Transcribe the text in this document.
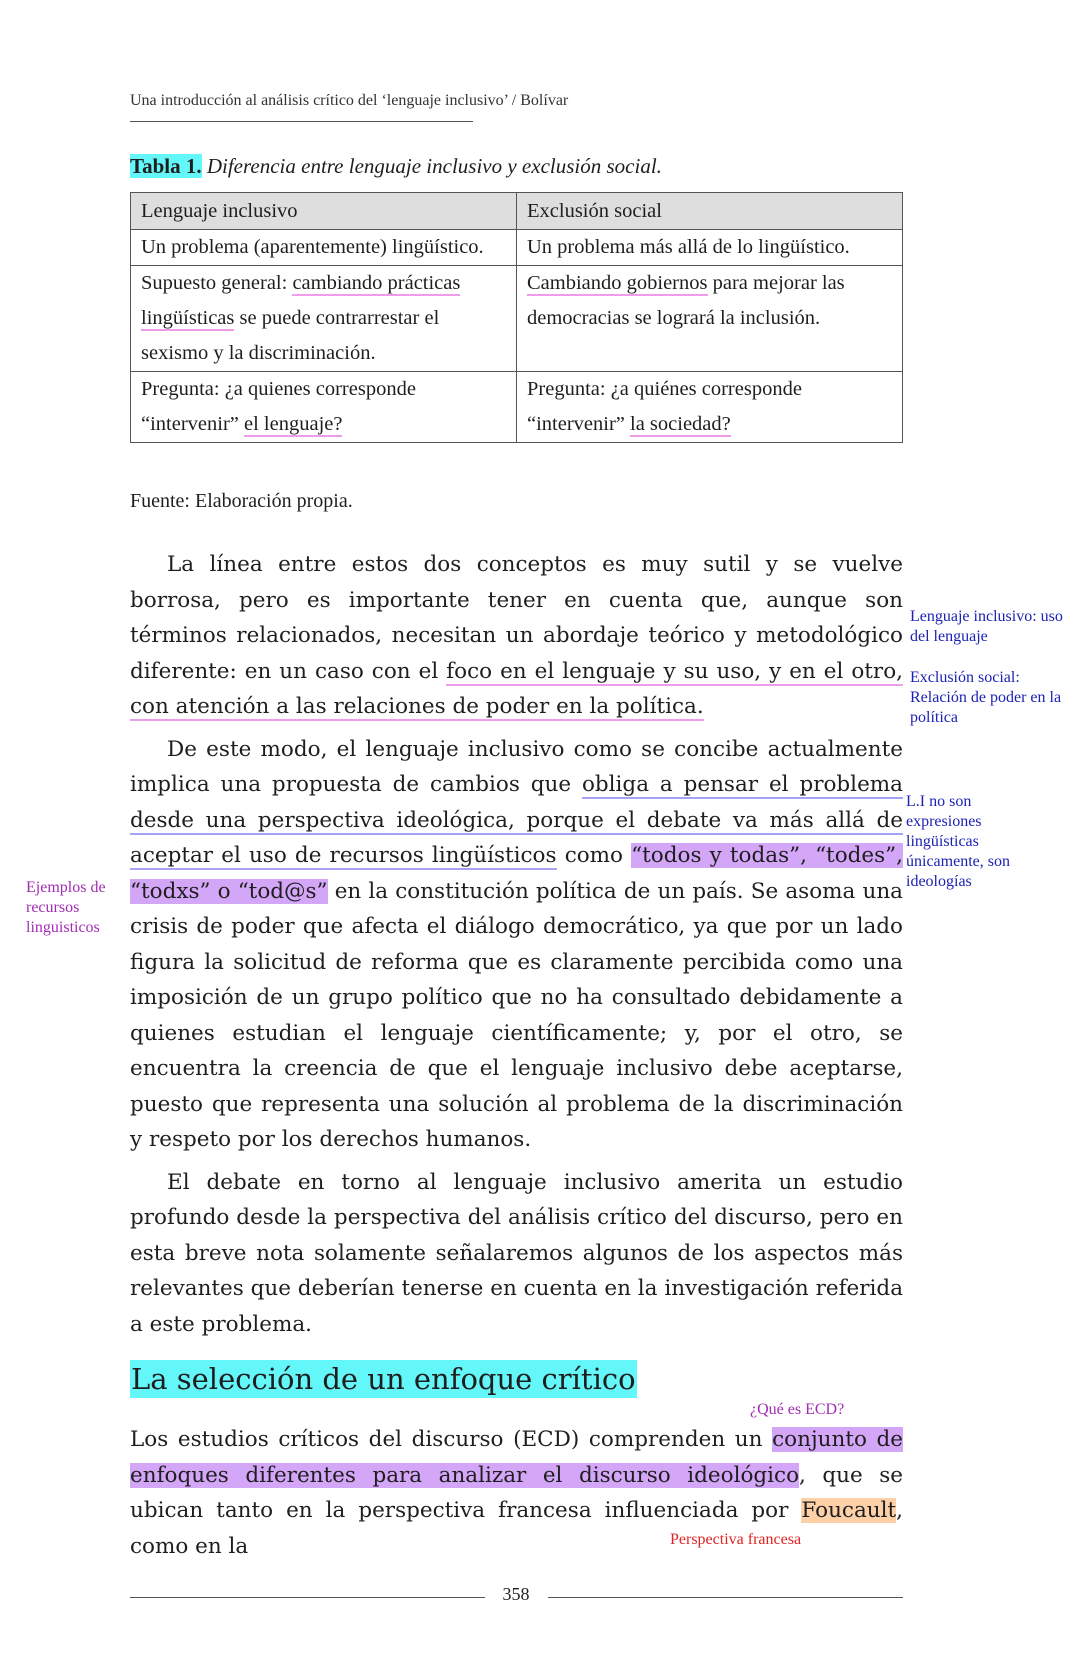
Una introducción al análisis crítico del ‘lenguaje inclusivo’ / Bolívar
Tabla 1. Diferencia entre lenguaje inclusivo y exclusión social.
Lenguaje inclusivo	Exclusión social
Un problema (aparentemente) lingüístico.	Un problema más allá de lo lingüístico.
Supuesto general: cambiando prácticas lingüísticas se puede contrarrestar el sexismo y la discriminación.	Cambiando gobiernos para mejorar las democracias se logrará la inclusión.
Pregunta: ¿a quienes corresponde “intervenir” el lenguaje?	Pregunta: ¿a quiénes corresponde “intervenir” la sociedad?
Fuente: Elaboración propia.

La línea entre estos dos conceptos es muy sutil y se vuelve borrosa, pero es importante tener en cuenta que, aunque son términos relacionados, necesitan un abordaje teórico y metodológico diferente: en un caso con el foco en el lenguaje y su uso, y en el otro, con atención a las relaciones de poder en la política.

De este modo, el lenguaje inclusivo como se concibe actualmente implica una propuesta de cambios que obliga a pensar el problema desde una perspectiva ideológica, porque el debate va más allá de aceptar el uso de recursos lingüísticos como “todos y todas”, “todes”, “todxs” o “tod@s” en la constitución política de un país. Se asoma una crisis de poder que afecta el diálogo democrático, ya que por un lado figura la solicitud de reforma que es claramente percibida como una imposición de un grupo político que no ha consultado debidamente a quienes estudian el lenguaje científicamente; y, por el otro, se encuentra la creencia de que el lenguaje inclusivo debe aceptarse, puesto que representa una solución al problema de la discriminación y respeto por los derechos humanos.

El debate en torno al lenguaje inclusivo amerita un estudio profundo desde la perspectiva del análisis crítico del discurso, pero en esta breve nota solamente señalaremos algunos de los aspectos más relevantes que deberían tenerse en cuenta en la investigación referida a este problema.

La selección de un enfoque crítico

Los estudios críticos del discurso (ECD) comprenden un conjunto de enfoques diferentes para analizar el discurso ideológico, que se ubican tanto en la perspectiva francesa influenciada por Foucault, como en la

Lenguaje inclusivo: uso del lenguaje
Exclusión social: Relación de poder en la política
L.I no son expresiones lingüísticas únicamente, son ideologías
Ejemplos de recursos linguisticos
¿Qué es ECD?
Perspectiva francesa
358
